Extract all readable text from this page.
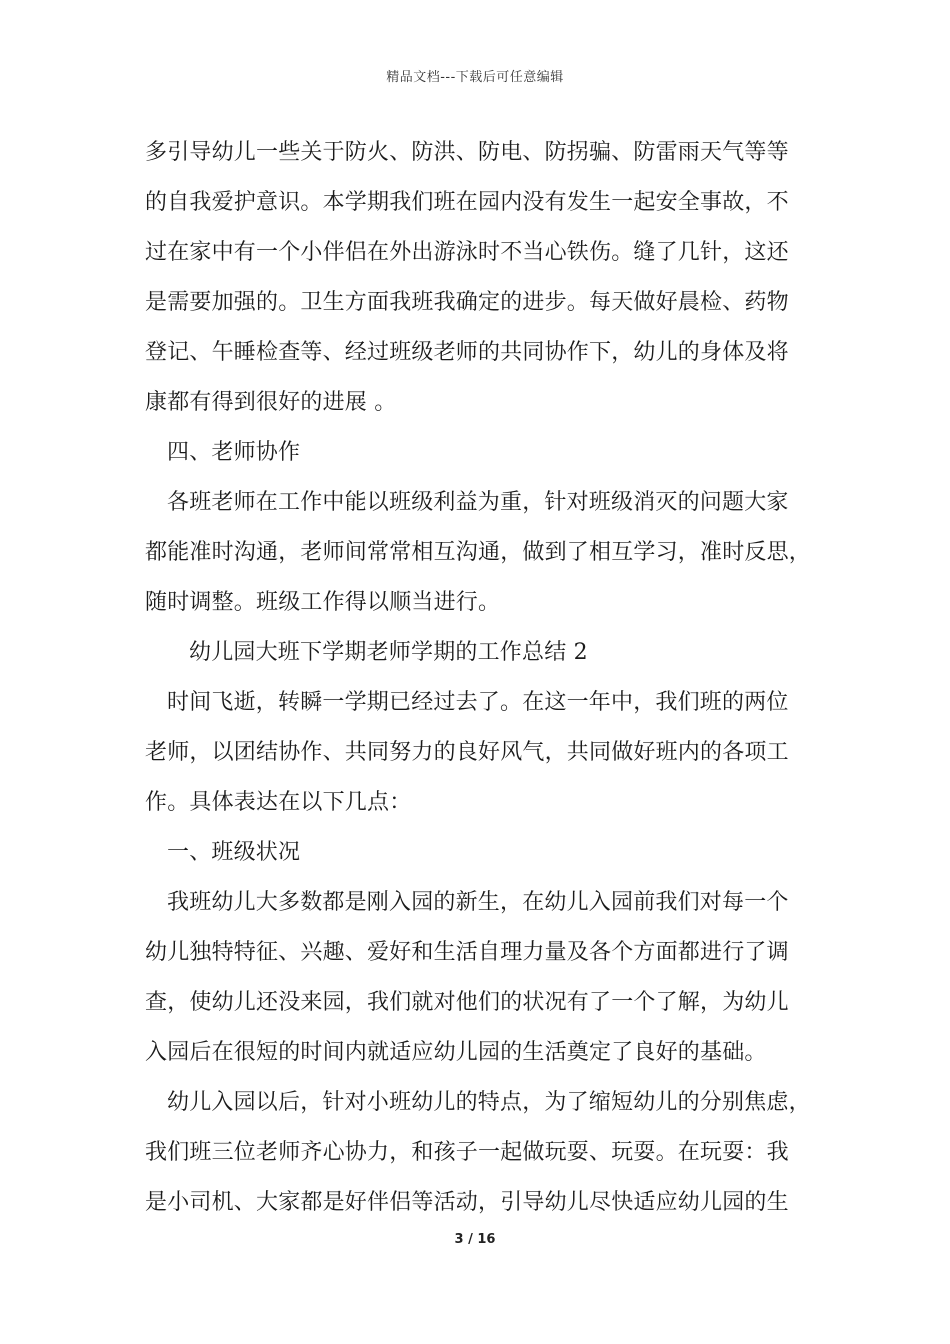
精品文档---下载后可任意编辑
多引导幼儿一些关于防火、防洪、防电、防拐骗、防雷雨天气等等
的自我爱护意识。本学期我们班在园内没有发生一起安全事故，不
过在家中有一个小伴侣在外出游泳时不当心铁伤。缝了几针，这还
是需要加强的。卫生方面我班我确定的进步。每天做好晨检、药物
登记、午睡检查等、经过班级老师的共同协作下，幼儿的身体及将
康都有得到很好的进展 。
四、老师协作
各班老师在工作中能以班级利益为重，针对班级消灭的问题大家
都能准时沟通，老师间常常相互沟通，做到了相互学习，准时反思，
随时调整。班级工作得以顺当进行。
幼儿园大班下学期老师学期的工作总结 2
时间飞逝，转瞬一学期已经过去了。在这一年中，我们班的两位
老师，以团结协作、共同努力的良好风气，共同做好班内的各项工
作。具体表达在以下几点：
一、班级状况
我班幼儿大多数都是刚入园的新生，在幼儿入园前我们对每一个
幼儿独特特征、兴趣、爱好和生活自理力量及各个方面都进行了调
查，使幼儿还没来园，我们就对他们的状况有了一个了解，为幼儿
入园后在很短的时间内就适应幼儿园的生活奠定了良好的基础。
幼儿入园以后，针对小班幼儿的特点，为了缩短幼儿的分别焦虑，
我们班三位老师齐心协力，和孩子一起做玩耍、玩耍。在玩耍：我
是小司机、大家都是好伴侣等活动，引导幼儿尽快适应幼儿园的生
3 / 16
